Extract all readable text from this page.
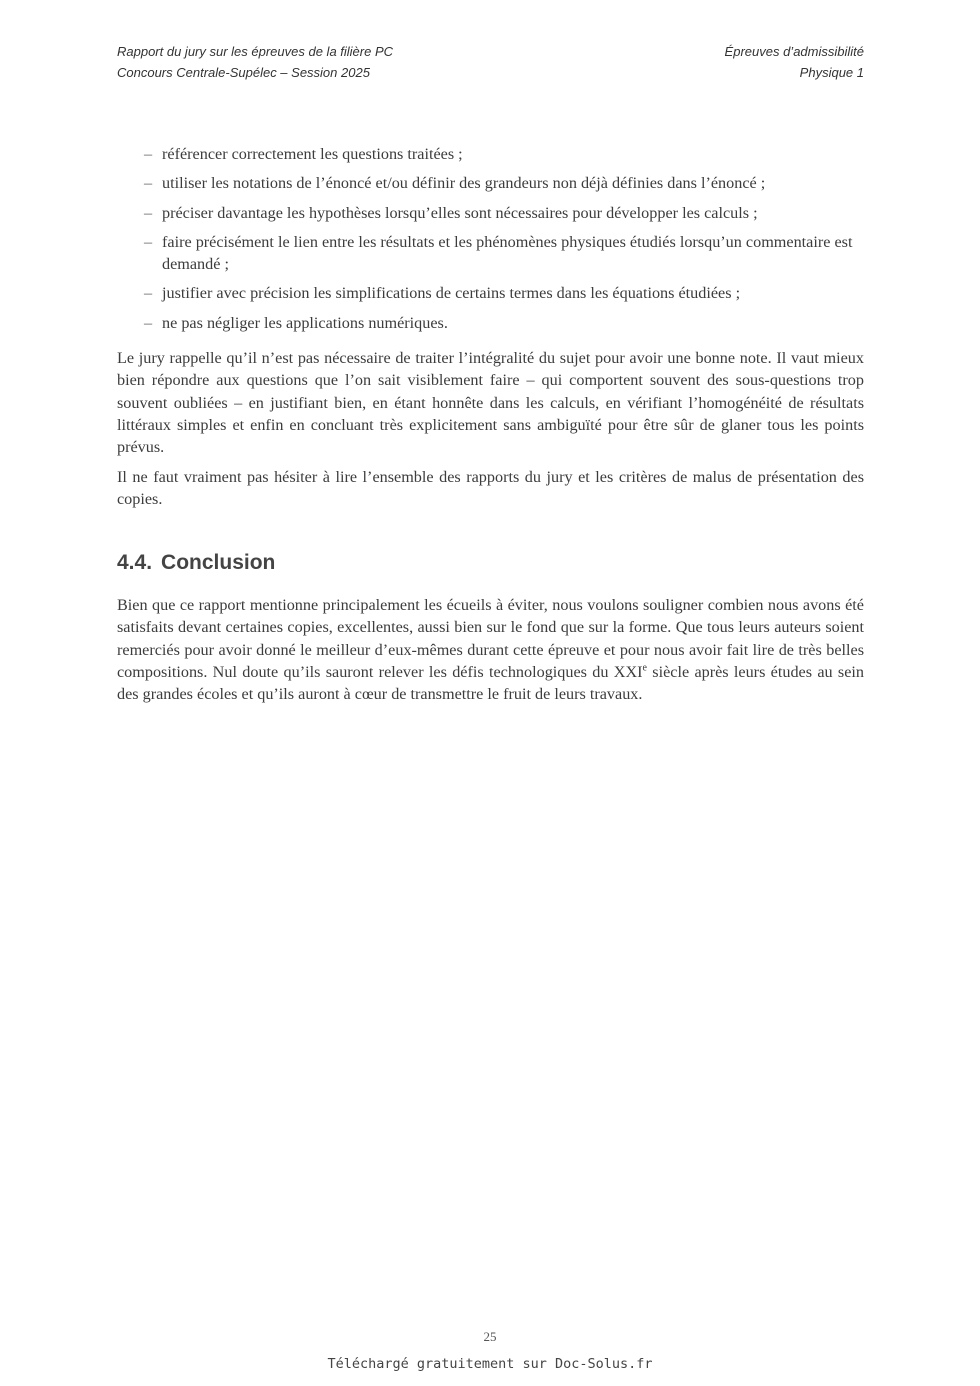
Rapport du jury sur les épreuves de la filière PC	Épreuves d’admissibilité
Concours Centrale-Supélec – Session 2025	Physique 1
– référencer correctement les questions traitées ;
– utiliser les notations de l’énoncé et/ou définir des grandeurs non déjà définies dans l’énoncé ;
– préciser davantage les hypothèses lorsqu’elles sont nécessaires pour développer les calculs ;
– faire précisément le lien entre les résultats et les phénomènes physiques étudiés lorsqu’un commentaire est demandé ;
– justifier avec précision les simplifications de certains termes dans les équations étudiées ;
– ne pas négliger les applications numériques.

Le jury rappelle qu’il n’est pas nécessaire de traiter l’intégralité du sujet pour avoir une bonne note. Il vaut mieux bien répondre aux questions que l’on sait visiblement faire – qui comportent souvent des sous-questions trop souvent oubliées – en justifiant bien, en étant honnête dans les calculs, en vérifiant l’homogénéité de résultats littéraux simples et enfin en concluant très explicitement sans ambiguïté pour être sûr de glaner tous les points prévus.

Il ne faut vraiment pas hésiter à lire l’ensemble des rapports du jury et les critères de malus de présentation des copies.

4.4. Conclusion

Bien que ce rapport mentionne principalement les écueils à éviter, nous voulons souligner combien nous avons été satisfaits devant certaines copies, excellentes, aussi bien sur le fond que sur la forme. Que tous leurs auteurs soient remerciés pour avoir donné le meilleur d’eux-mêmes durant cette épreuve et pour nous avoir fait lire de très belles compositions. Nul doute qu’ils sauront relever les défis technologiques du XXIe siècle après leurs études au sein des grandes écoles et qu’ils auront à cœur de transmettre le fruit de leurs travaux.

25
Téléchargé gratuitement sur Doc-Solus.fr
